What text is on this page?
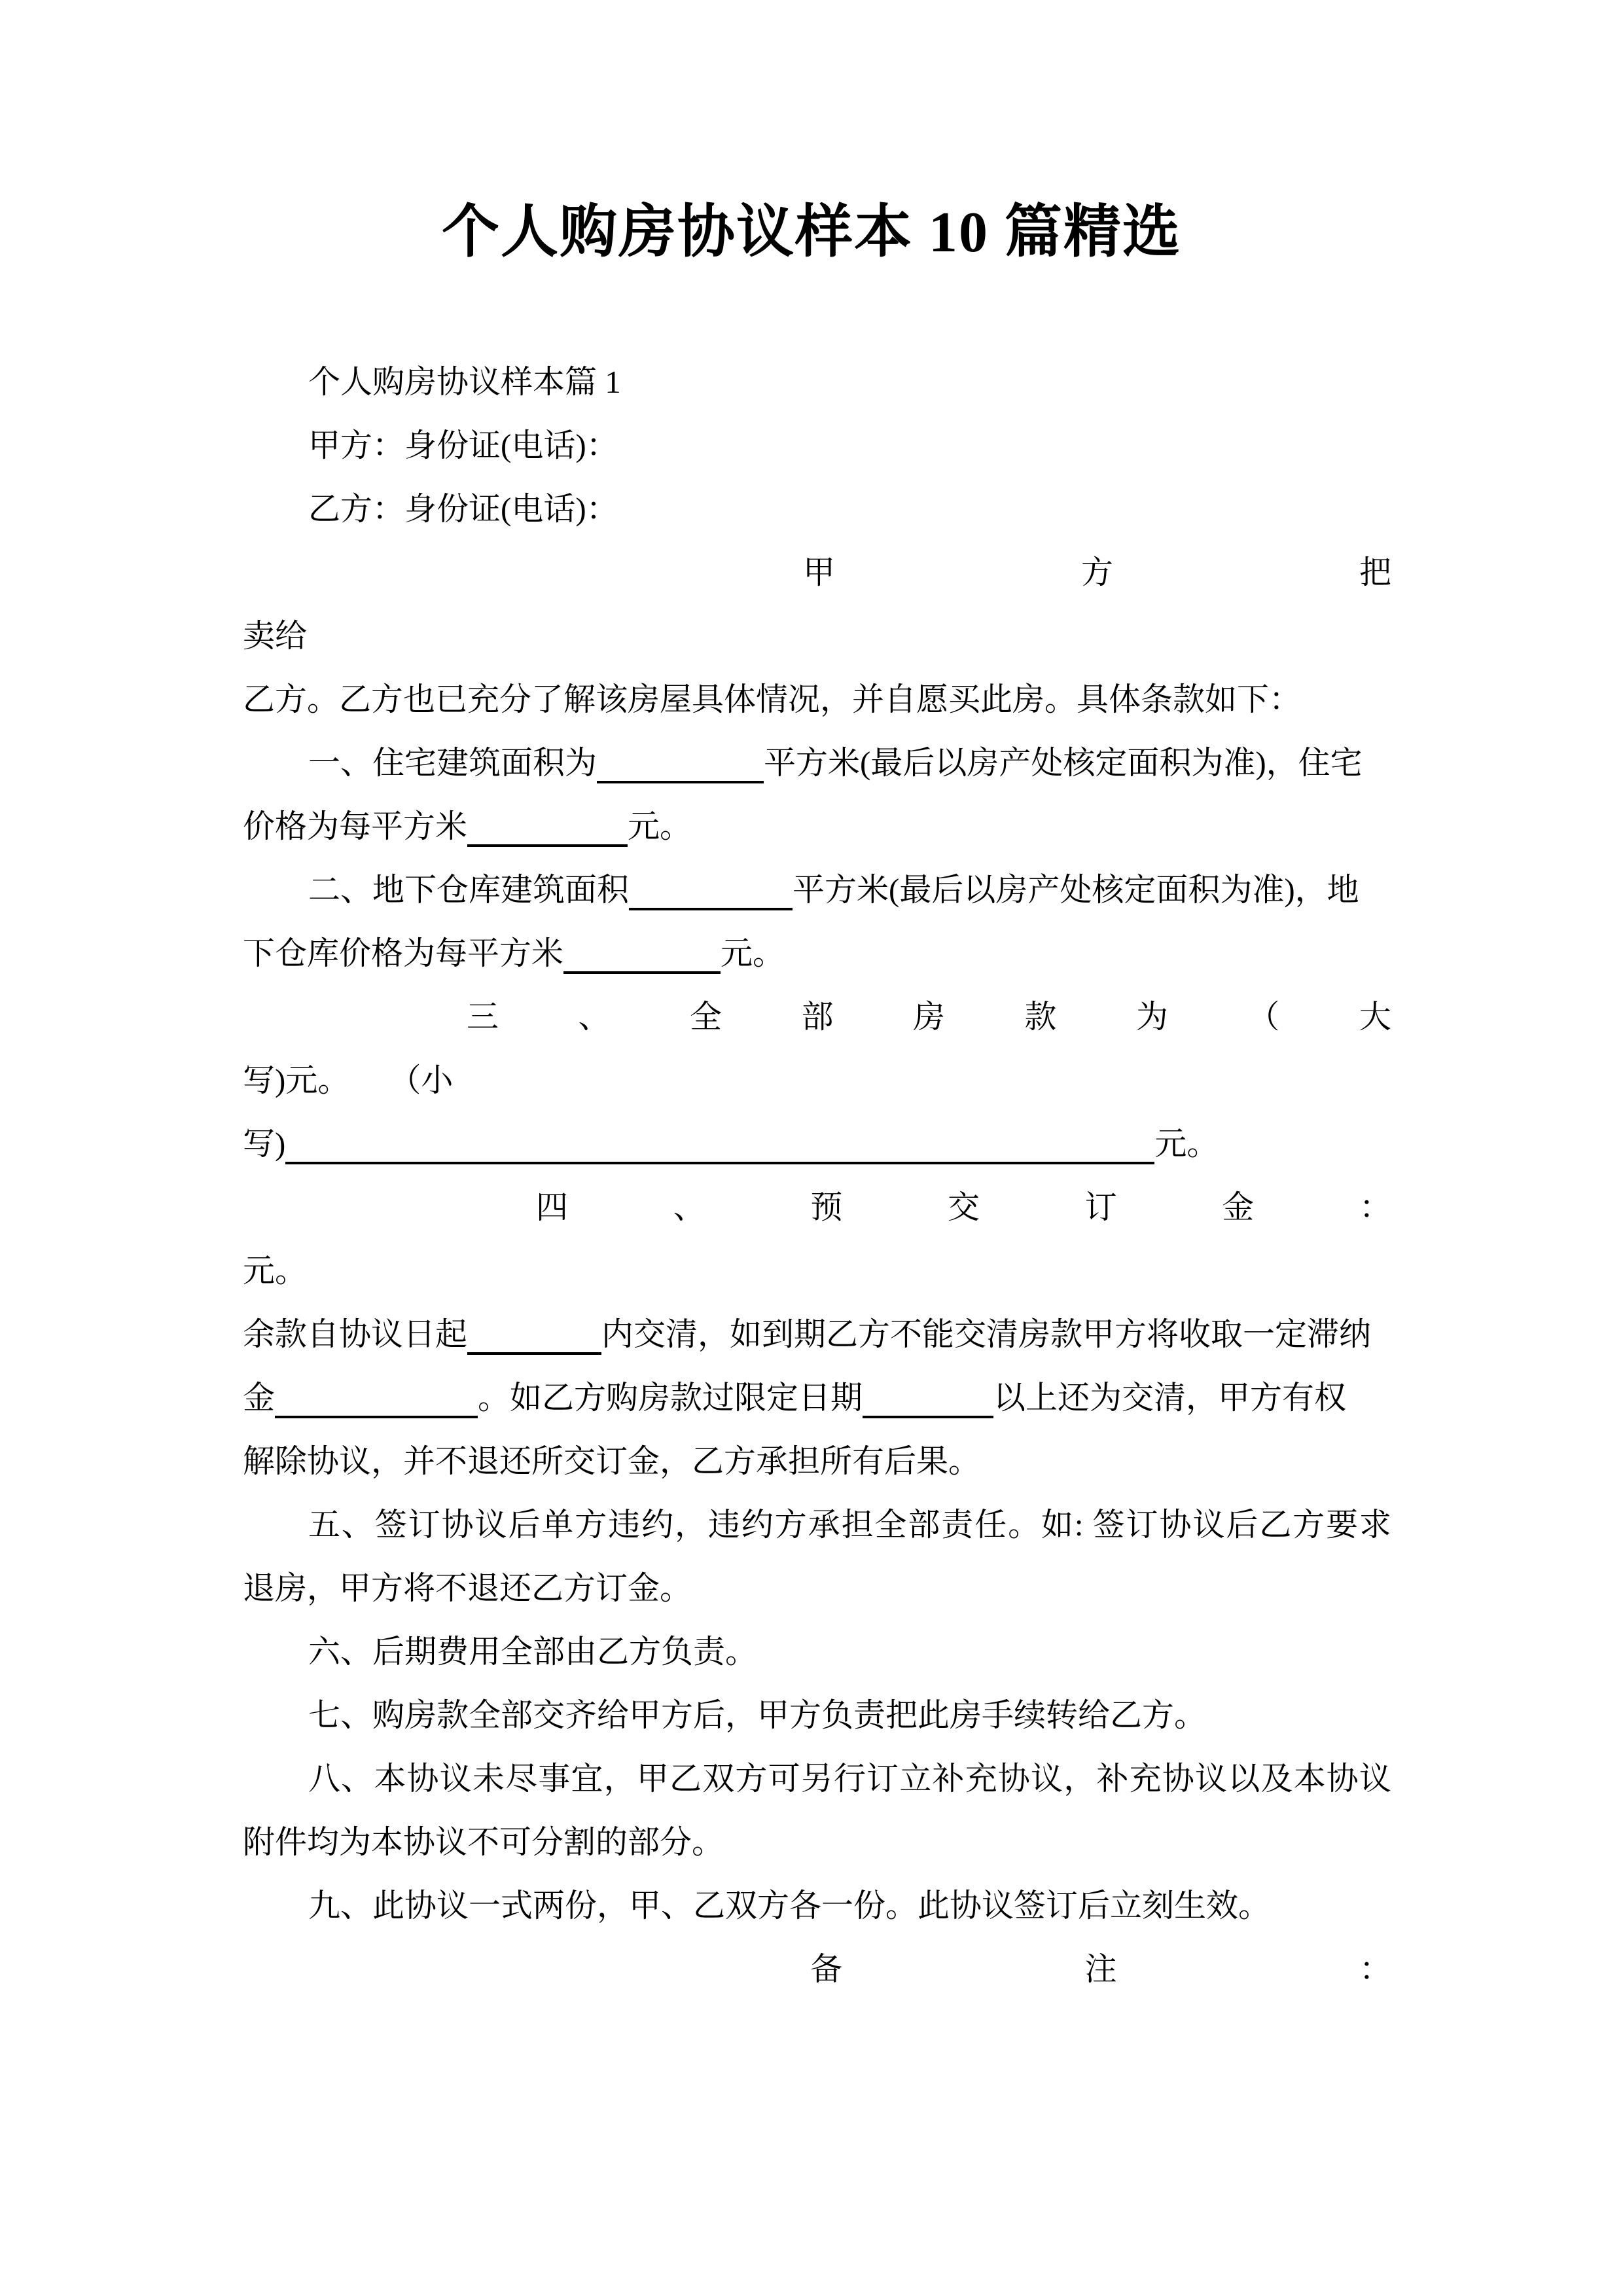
个人购房协议样本 10 篇精选
个人购房协议样本篇 1
甲方：身份证(电话)：
乙方：身份证(电话)：
甲	方	把
卖给
乙方。乙方也已充分了解该房屋具体情况，并自愿买此房。具体条款如下：
一、住宅建筑面积为	平方米(最后以房产处核定面积为准)，住宅
价格为每平方米	元。
二、地下仓库建筑面积	平方米(最后以房产处核定面积为准)，地
下仓库价格为每平方米	元。
三 、 全 部 房 款 为 （ 大
写) 元。 （小
写)	元。
四	、	预	交	订	金	：
元。
余款自协议日起	内交清，如到期乙方不能交清房款甲方将收取一定滞纳
金	。如乙方购房款过限定日期	以上还为交清，甲方有权
解除协议，并不退还所交订金，乙方承担所有后果。
五、签订协议后单方违约，违约方承担全部责任。如: 签订协议后乙方要求
退房，甲方将不退还乙方订金。
六、后期费用全部由乙方负责。
七、购房款全部交齐给甲方后，甲方负责把此房手续转给乙方。
八、本协议未尽事宜，甲乙双方可另行订立补充协议，补充协议以及本协议
附件均为本协议不可分割的部分。
九、此协议一式两份，甲、乙双方各一份。此协议签订后立刻生效。
备	注	：
